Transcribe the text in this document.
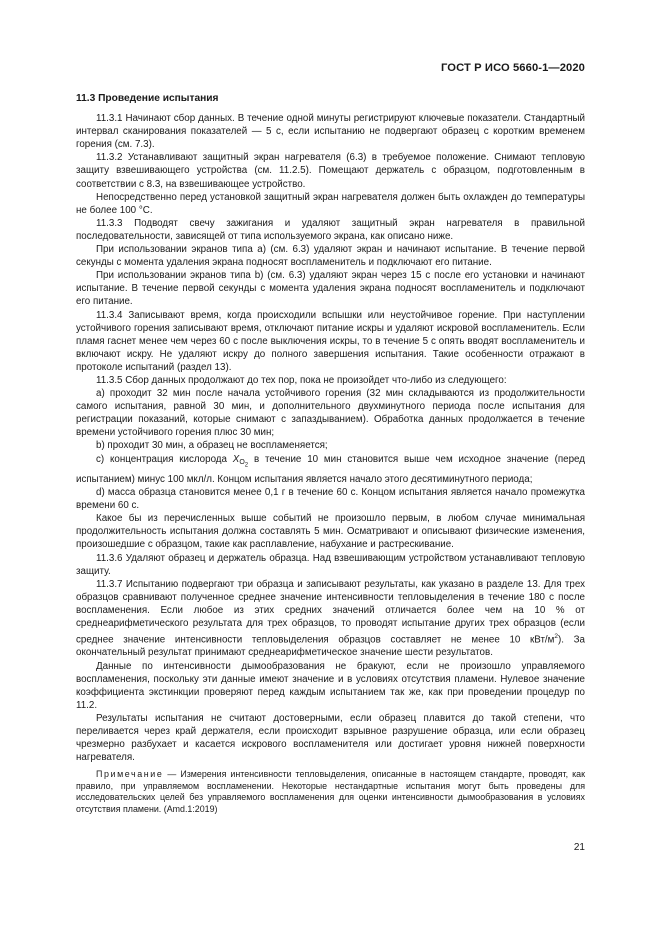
ГОСТ Р ИСО 5660-1—2020
11.3 Проведение испытания

11.3.1 Начинают сбор данных. В течение одной минуты регистрируют ключевые показатели. Стандартный интервал сканирования показателей — 5 с, если испытанию не подвергают образец с коротким временем горения (см. 7.3).

11.3.2 Устанавливают защитный экран нагревателя (6.3) в требуемое положение. Снимают тепловую защиту взвешивающего устройства (см. 11.2.5). Помещают держатель с образцом, подготовленным в соответствии с 8.3, на взвешивающее устройство.

Непосредственно перед установкой защитный экран нагревателя должен быть охлажден до температуры не более 100 °С.

11.3.3 Подводят свечу зажигания и удаляют защитный экран нагревателя в правильной последовательности, зависящей от типа используемого экрана, как описано ниже.

При использовании экранов типа а) (см. 6.3) удаляют экран и начинают испытание. В течение первой секунды с момента удаления экрана подносят воспламенитель и подключают его питание.

При использовании экранов типа b) (см. 6.3) удаляют экран через 15 с после его установки и начинают испытание. В течение первой секунды с момента удаления экрана подносят воспламенитель и подключают его питание.

11.3.4 Записывают время, когда происходили вспышки или неустойчивое горение. При наступлении устойчивого горения записывают время, отключают питание искры и удаляют искровой воспламенитель. Если пламя гаснет менее чем через 60 с после выключения искры, то в течение 5 с опять вводят воспламенитель и включают искру. Не удаляют искру до полного завершения испытания. Такие особенности отражают в протоколе испытаний (раздел 13).

11.3.5 Сбор данных продолжают до тех пор, пока не произойдет что-либо из следующего:

a) проходит 32 мин после начала устойчивого горения (32 мин складываются из продолжительности самого испытания, равной 30 мин, и дополнительного двухминутного периода после испытания для регистрации показаний, которые снимают с запаздыванием). Обработка данных продолжается в течение времени устойчивого горения плюс 30 мин;

b) проходит 30 мин, а образец не воспламеняется;

c) концентрация кислорода $X_{O_2}$ в течение 10 мин становится выше чем исходное значение (перед испытанием) минус 100 мкл/л. Концом испытания является начало этого десятиминутного периода;

d) масса образца становится менее 0,1 г в течение 60 с. Концом испытания является начало промежутка времени 60 с.

Какое бы из перечисленных выше событий не произошло первым, в любом случае минимальная продолжительность испытания должна составлять 5 мин. Осматривают и описывают физические изменения, произошедшие с образцом, такие как расплавление, набухание и растрескивание.

11.3.6 Удаляют образец и держатель образца. Над взвешивающим устройством устанавливают тепловую защиту.

11.3.7 Испытанию подвергают три образца и записывают результаты, как указано в разделе 13. Для трех образцов сравнивают полученное среднее значение интенсивности тепловыделения в течение 180 с после воспламенения. Если любое из этих средних значений отличается более чем на 10 % от среднеарифметического результата для трех образцов, то проводят испытание других трех образцов (если среднее значение интенсивности тепловыделения образцов составляет не менее 10 кВт/$м^2$). За окончательный результат принимают среднеарифметическое значение шести результатов.

Данные по интенсивности дымообразования не бракуют, если не произошло управляемого воспламенения, поскольку эти данные имеют значение и в условиях отсутствия пламени. Нулевое значение коэффициента экстинкции проверяют перед каждым испытанием так же, как при проведении процедур по 11.2.

Результаты испытания не считают достоверными, если образец плавится до такой степени, что переливается через край держателя, если происходит взрывное разрушение образца, или если образец чрезмерно разбухает и касается искрового воспламенителя или достигает уровня нижней поверхности нагревателя.

Примечание — Измерения интенсивности тепловыделения, описанные в настоящем стандарте, проводят, как правило, при управляемом воспламенении. Некоторые нестандартные испытания могут быть проведены для исследовательских целей без управляемого воспламенения для оценки интенсивности дымообразования в условиях отсутствия пламени. (Amd.1:2019)

21
